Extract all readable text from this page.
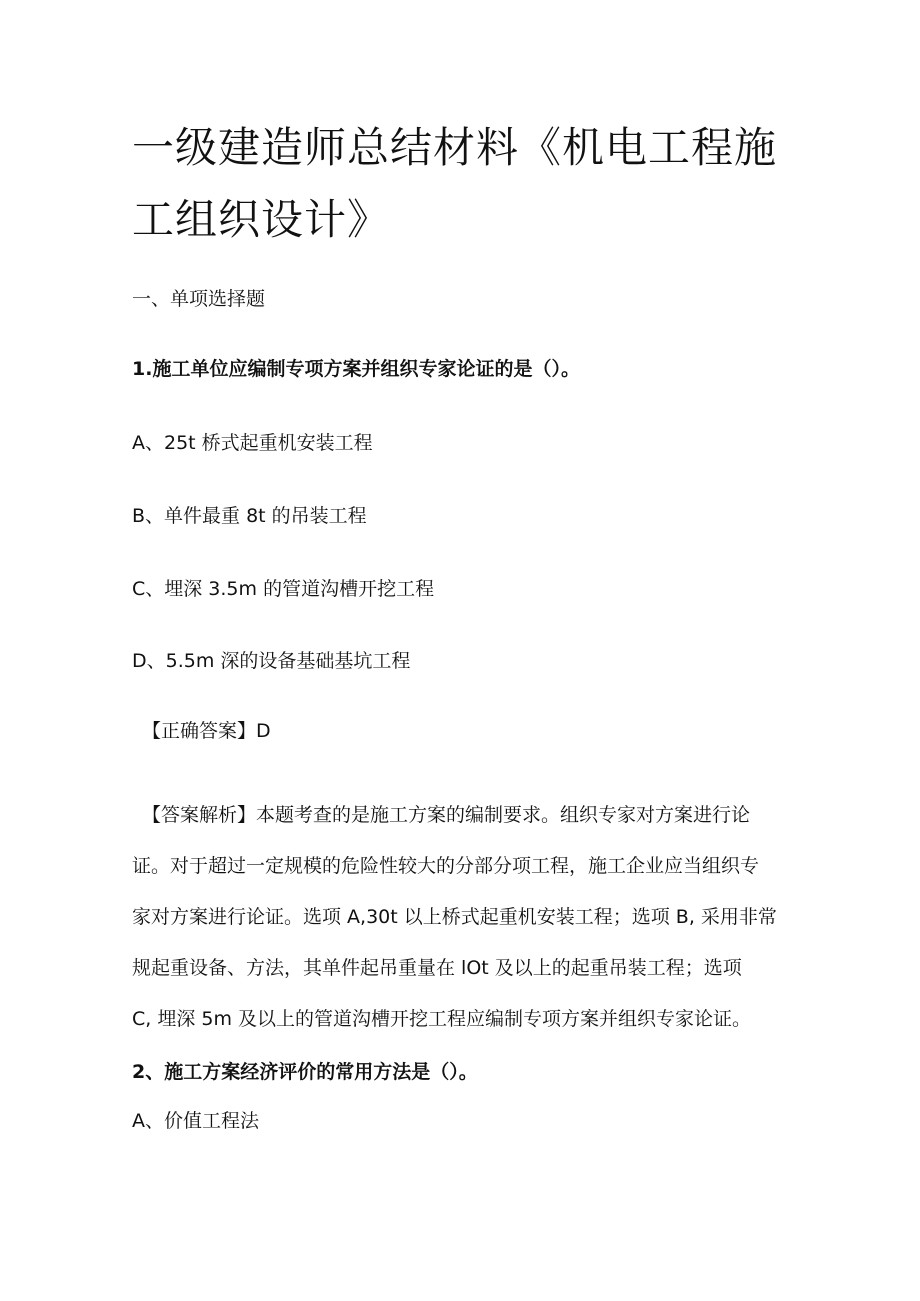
一级建造师总结材料《机电工程施
工组织设计》

一、单项选择题

1.施工单位应编制专项方案并组织专家论证的是（）。

A、25t 桥式起重机安装工程

B、单件最重 8t 的吊装工程

C、埋深 3.5m 的管道沟槽开挖工程

D、5.5m 深的设备基础基坑工程

【正确答案】D

【答案解析】本题考查的是施工方案的编制要求。组织专家对方案进行论
证。对于超过一定规模的危险性较大的分部分项工程，施工企业应当组织专
家对方案进行论证。选项 A,30t 以上桥式起重机安装工程；选项 B, 采用非常
规起重设备、方法，其单件起吊重量在 lOt 及以上的起重吊装工程；选项
C, 埋深 5m 及以上的管道沟槽开挖工程应编制专项方案并组织专家论证。

2、施工方案经济评价的常用方法是（）。

A、价值工程法
